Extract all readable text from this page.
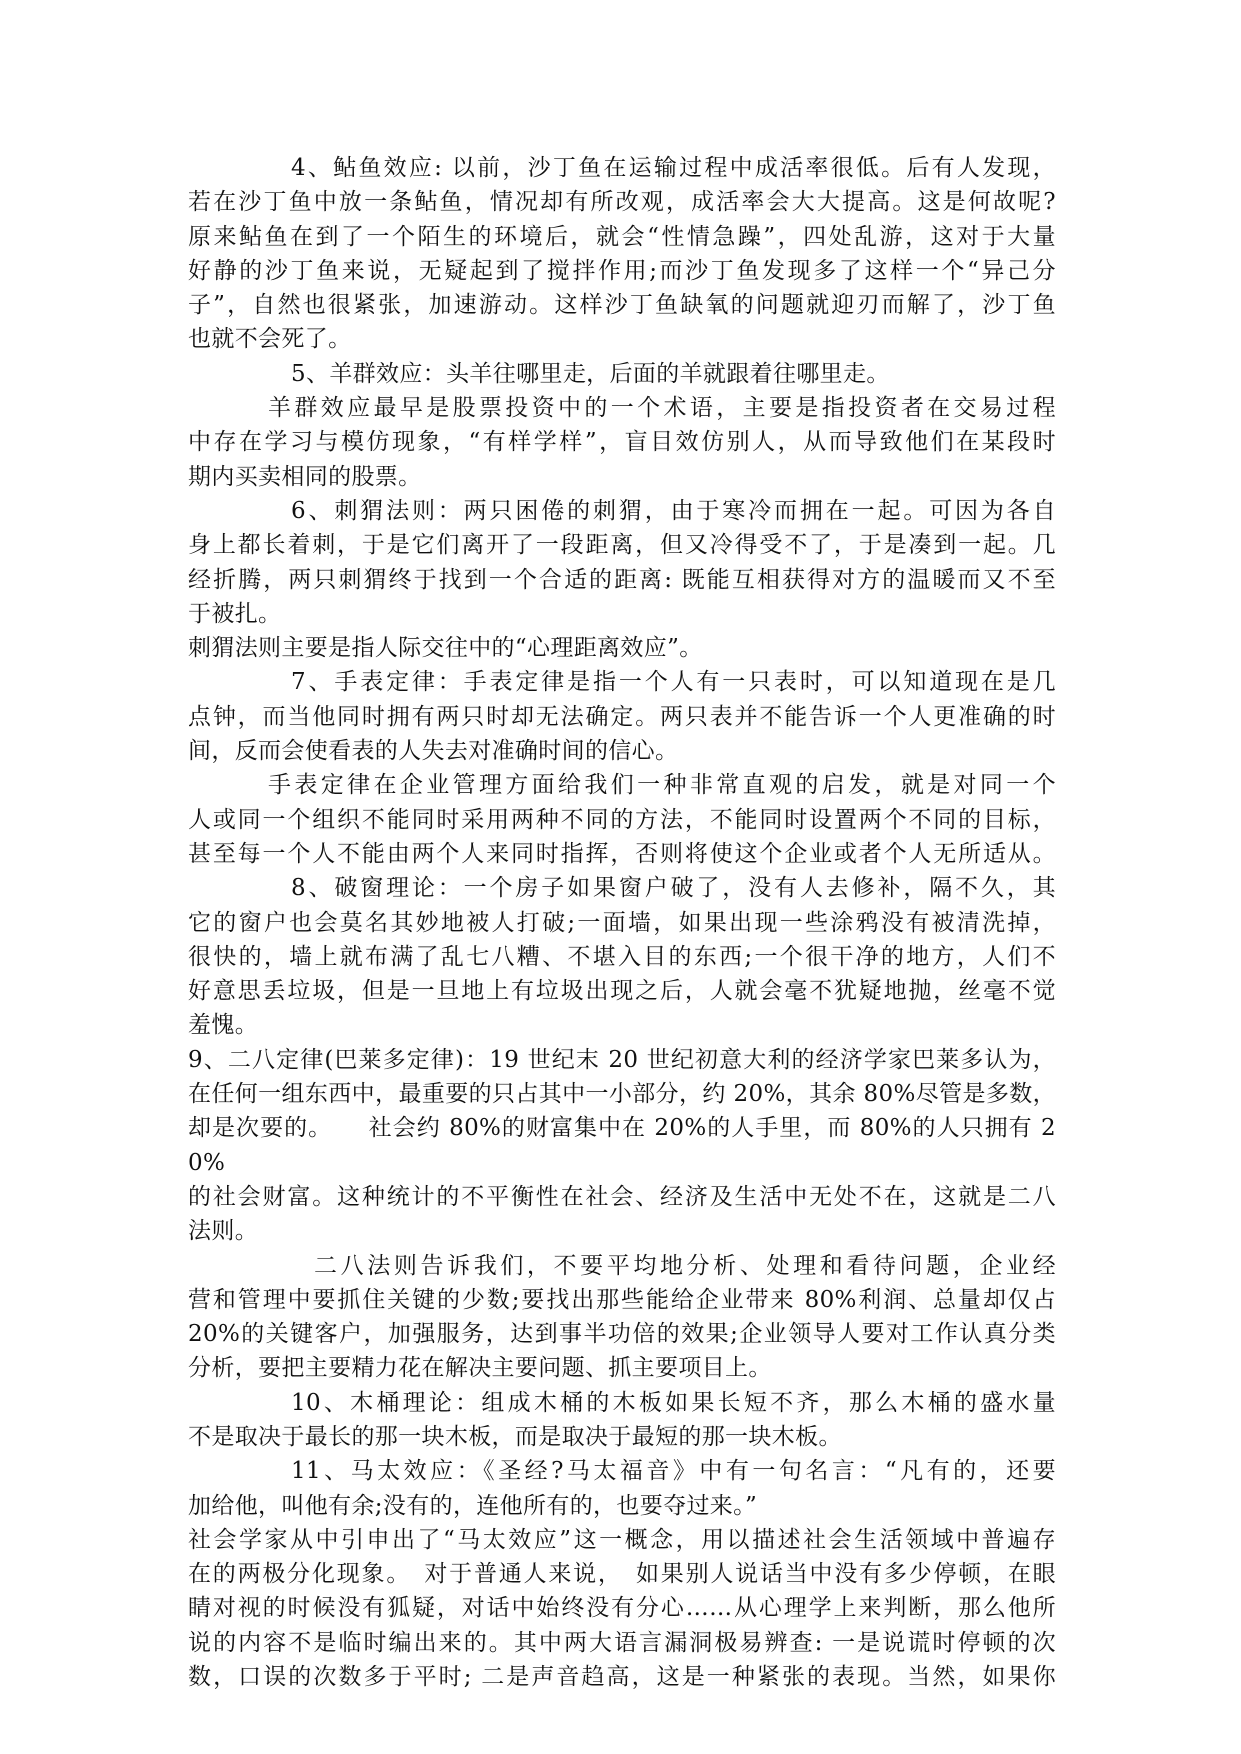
4、鲇鱼效应: 以前，沙丁鱼在运输过程中成活率很低。后有人发现，
若在沙丁鱼中放一条鲇鱼，情况却有所改观，成活率会大大提高。这是何故呢?
原来鲇鱼在到了一个陌生的环境后，就会“性情急躁”，四处乱游，这对于大量
好静的沙丁鱼来说，无疑起到了搅拌作用;而沙丁鱼发现多了这样一个“异己分
子”，自然也很紧张，加速游动。这样沙丁鱼缺氧的问题就迎刃而解了，沙丁鱼
也就不会死了。
5、羊群效应：头羊往哪里走，后面的羊就跟着往哪里走。
羊群效应最早是股票投资中的一个术语，主要是指投资者在交易过程
中存在学习与模仿现象，“有样学样”，盲目效仿别人，从而导致他们在某段时
期内买卖相同的股票。
6、刺猬法则：两只困倦的刺猬，由于寒冷而拥在一起。可因为各自
身上都长着刺，于是它们离开了一段距离，但又冷得受不了，于是凑到一起。几
经折腾，两只刺猬终于找到一个合适的距离: 既能互相获得对方的温暖而又不至
于被扎。
刺猬法则主要是指人际交往中的“心理距离效应”。
7、手表定律：手表定律是指一个人有一只表时，可以知道现在是几
点钟，而当他同时拥有两只时却无法确定。两只表并不能告诉一个人更准确的时
间，反而会使看表的人失去对准确时间的信心。
手表定律在企业管理方面给我们一种非常直观的启发，就是对同一个
人或同一个组织不能同时采用两种不同的方法，不能同时设置两个不同的目标，
甚至每一个人不能由两个人来同时指挥，否则将使这个企业或者个人无所适从。
8、破窗理论：一个房子如果窗户破了，没有人去修补，隔不久，其
它的窗户也会莫名其妙地被人打破;一面墙，如果出现一些涂鸦没有被清洗掉，
很快的，墙上就布满了乱七八糟、不堪入目的东西;一个很干净的地方，人们不
好意思丢垃圾，但是一旦地上有垃圾出现之后，人就会毫不犹疑地抛，丝毫不觉
羞愧。
9、二八定律(巴莱多定律)：19 世纪末 20 世纪初意大利的经济学家巴莱多认为，
在任何一组东西中，最重要的只占其中一小部分，约 20%，其余 80%尽管是多数，
却是次要的。　　社会约 80%的财富集中在 20%的人手里，而 80%的人只拥有 20%
的社会财富。这种统计的不平衡性在社会、经济及生活中无处不在，这就是二八
法则。
二八法则告诉我们，不要平均地分析、处理和看待问题，企业经
营和管理中要抓住关键的少数;要找出那些能给企业带来 80%利润、总量却仅占
20%的关键客户，加强服务，达到事半功倍的效果;企业领导人要对工作认真分类
分析，要把主要精力花在解决主要问题、抓主要项目上。
10、木桶理论：组成木桶的木板如果长短不齐，那么木桶的盛水量
不是取决于最长的那一块木板，而是取决于最短的那一块木板。
11、马太效应：《圣经?马太福音》中有一句名言：“凡有的，还要
加给他，叫他有余;没有的，连他所有的，也要夺过来。”
社会学家从中引申出了“马太效应”这一概念，用以描述社会生活领域中普遍存
在的两极分化现象。　对于普通人来说，　如果别人说话当中没有多少停顿，在眼
睛对视的时候没有狐疑，对话中始终没有分心……从心理学上来判断，那么他所
说的内容不是临时编出来的。其中两大语言漏洞极易辨查: 一是说谎时停顿的次
数，口误的次数多于平时; 二是声音趋高，这是一种紧张的表现。当然，如果你
